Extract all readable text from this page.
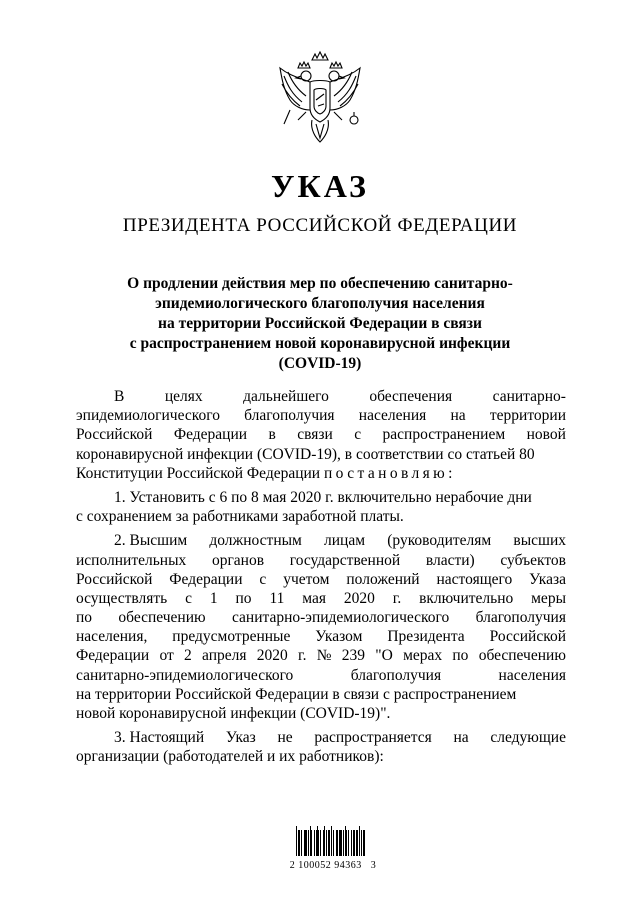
УКАЗ
ПРЕЗИДЕНТА РОССИЙСКОЙ ФЕДЕРАЦИИ
О продлении действия мер по обеспечению санитарно-
эпидемиологического благополучия населения
на территории Российской Федерации в связи
с распространением новой коронавирусной инфекции
(COVID-19)
В	целях	дальнейшего	обеспечения	санитарно-
эпидемиологического благополучия населения на территории
Российской Федерации в связи с распространением новой
коронавирусной инфекции (COVID-19), в соответствии со статьей 80
Конституции Российской Федерации постановляю:
1. Установить с 6 по 8 мая 2020 г. включительно нерабочие дни
с сохранением за работниками заработной платы.
2. Высшим должностным лицам (руководителям высших
исполнительных органов государственной власти) субъектов
Российской Федерации с учетом положений настоящего Указа
осуществлять с 1 по 11 мая 2020 г. включительно меры
по обеспечению санитарно-эпидемиологического благополучия
населения, предусмотренные Указом Президента Российской
Федерации от 2 апреля 2020 г. № 239 "О мерах по обеспечению
санитарно-эпидемиологического	благополучия	населения
на территории Российской Федерации в связи с распространением
новой коронавирусной инфекции (COVID-19)".
3. Настоящий Указ не распространяется на следующие
организации (работодателей и их работников):
2 100052 94363   3
